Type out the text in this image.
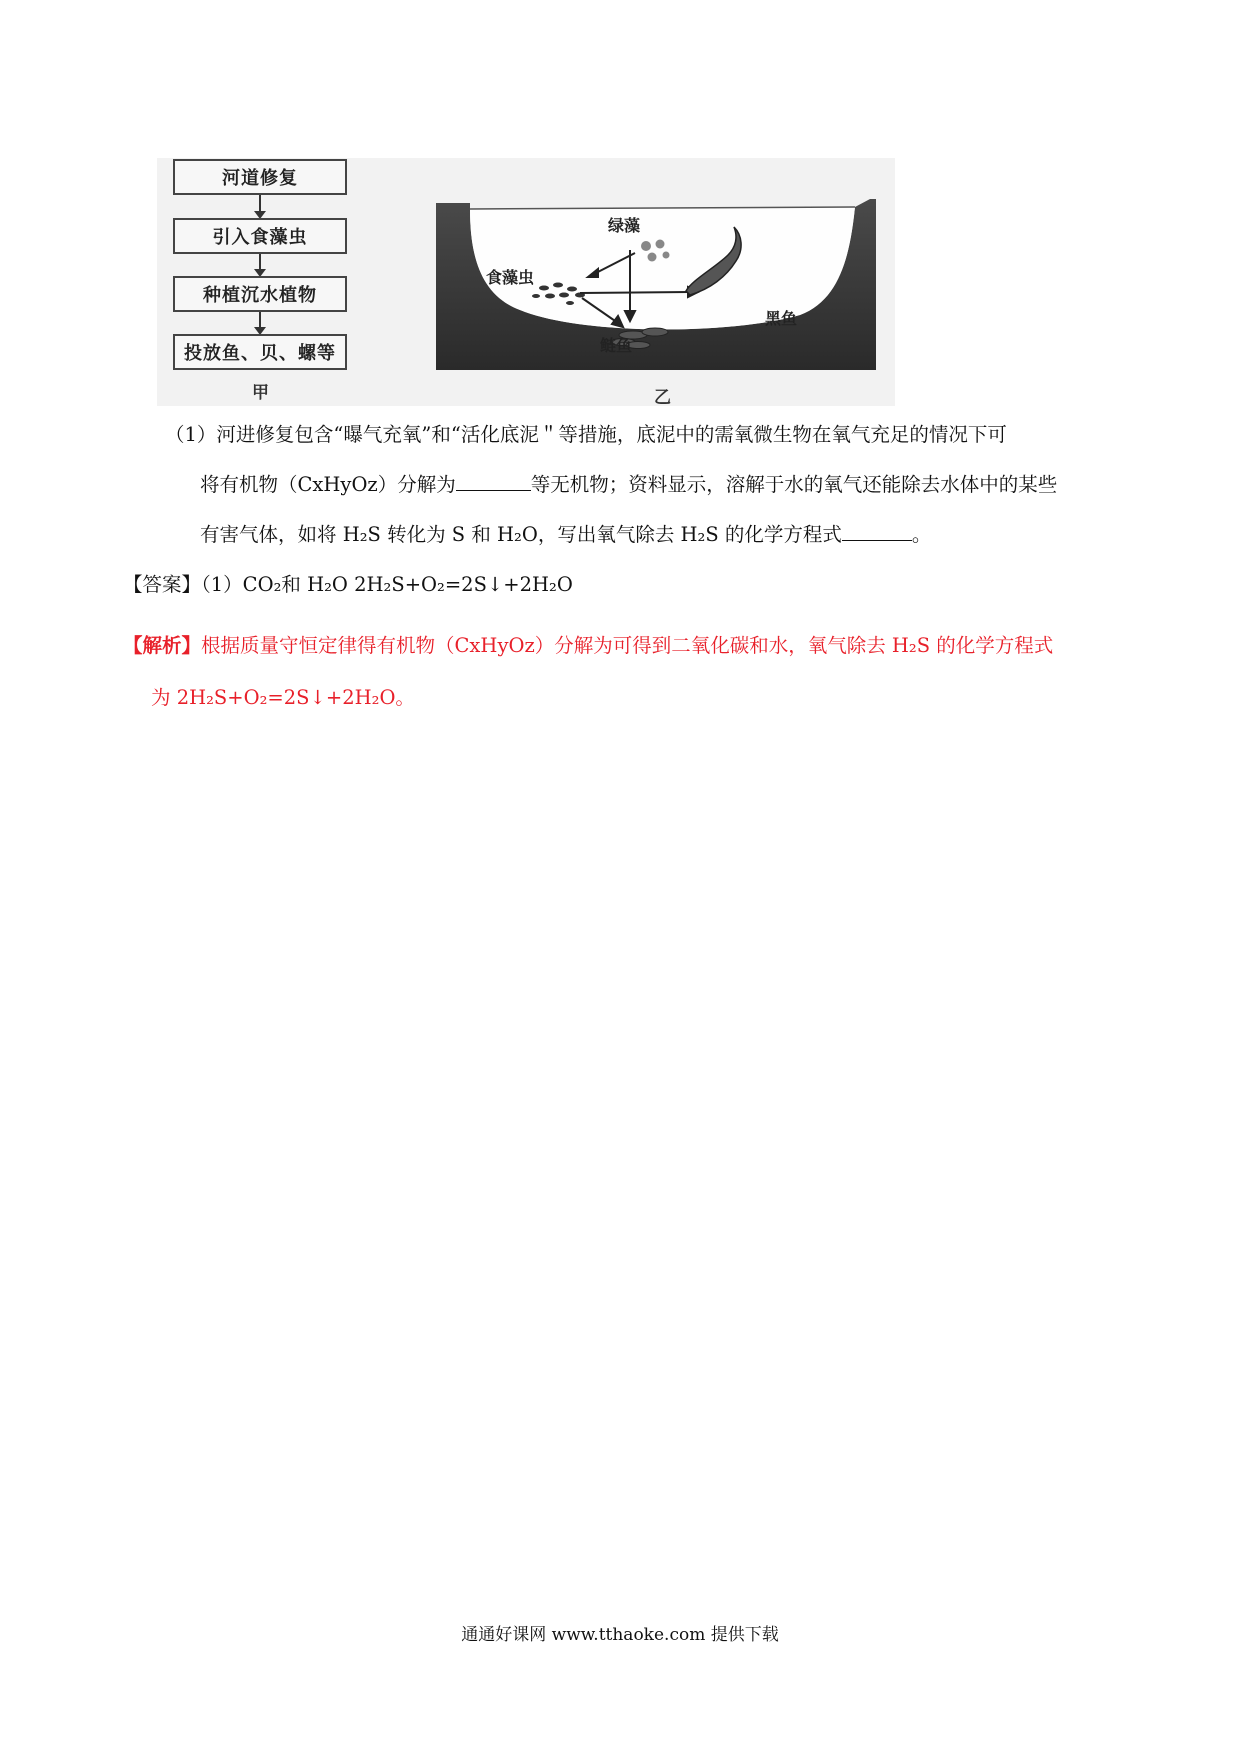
河道修复
引入食藻虫
种植沉水植物
投放鱼、贝、螺等
甲
绿藻
食藻虫
鲢鱼
黑鱼
乙
（1）河进修复包含“曝气充氧”和“活化底泥＂等措施，底泥中的需氧微生物在氧气充足的情况下可
将有机物（CxHyOz）分解为	等无机物；资料显示，溶解于水的氧气还能除去水体中的某些
有害气体，如将 H₂S 转化为 S 和 H₂O，写出氧气除去 H₂S 的化学方程式	。
【答案】（1）CO₂和 H₂O 2H₂S+O₂=2S↓+2H₂O
【解析】根据质量守恒定律得有机物（CxHyOz）分解为可得到二氧化碳和水，氧气除去 H₂S 的化学方程式
为 2H₂S+O₂=2S↓+2H₂O。
通通好课网 www.tthaoke.com 提供下载
